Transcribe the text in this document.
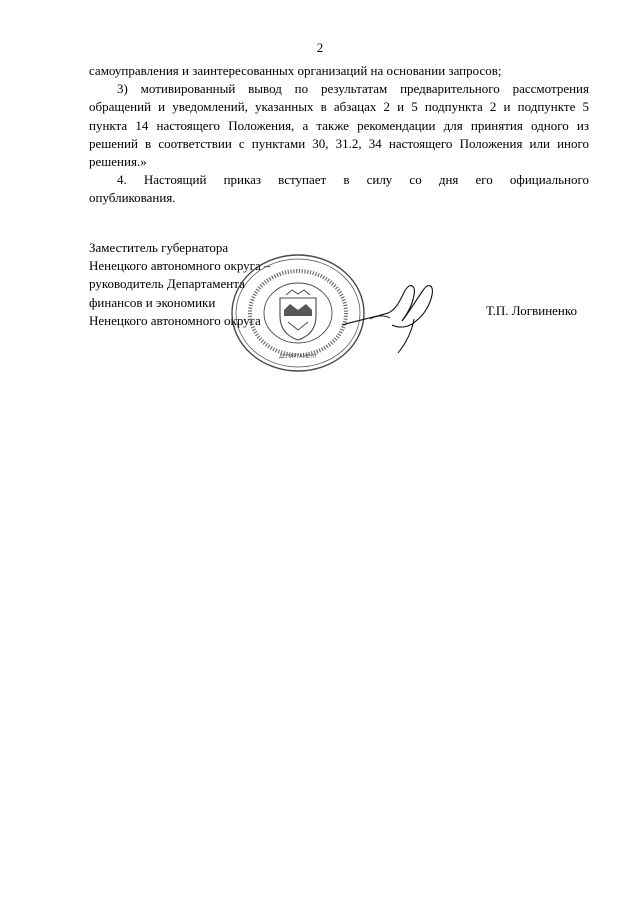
2

самоуправления и заинтересованных организаций на основании запросов;

3) мотивированный вывод по результатам предварительного рассмотрения
обращений и уведомлений, указанных в абзацах 2 и 5 подпункта 2 и подпункте 5
пункта 14 настоящего Положения, а также рекомендации для принятия одного из
решений в соответствии с пунктами 30, 31.2, 34 настоящего Положения или иного
решения.»

4. Настоящий приказ вступает в силу со дня его официального
опубликования.

Заместитель губернатора
Ненецкого автономного округа –
руководитель Департамента
финансов и экономики
Ненецкого автономного округа
Т.П. Логвиненко
ДЕПАРТАМЕНТ
